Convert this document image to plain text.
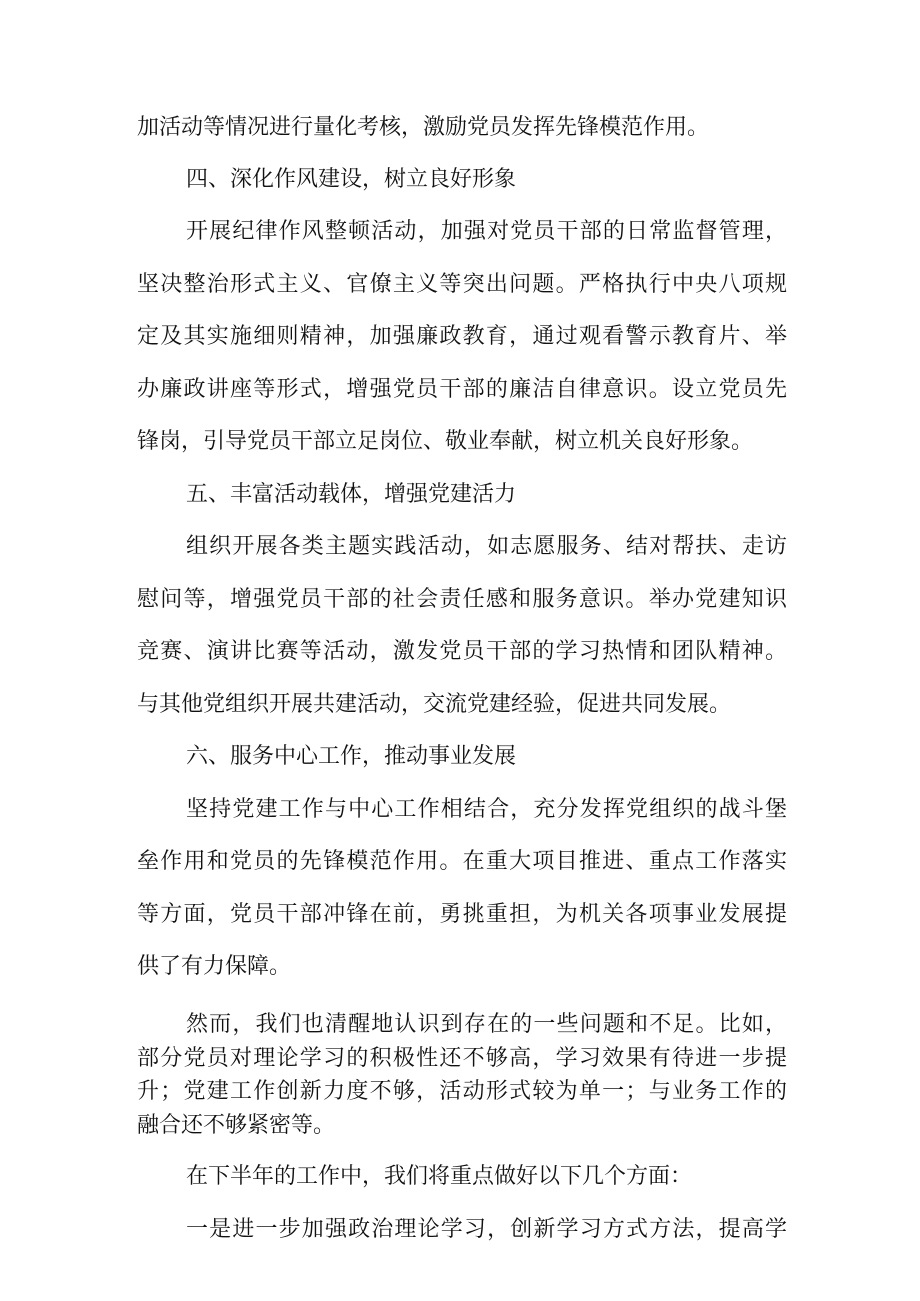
加活动等情况进行量化考核，激励党员发挥先锋模范作用。
四、深化作风建设，树立良好形象
开展纪律作风整顿活动，加强对党员干部的日常监督管理，
坚决整治形式主义、官僚主义等突出问题。严格执行中央八项规
定及其实施细则精神，加强廉政教育，通过观看警示教育片、举
办廉政讲座等形式，增强党员干部的廉洁自律意识。设立党员先
锋岗，引导党员干部立足岗位、敬业奉献，树立机关良好形象。
五、丰富活动载体，增强党建活力
组织开展各类主题实践活动，如志愿服务、结对帮扶、走访
慰问等，增强党员干部的社会责任感和服务意识。举办党建知识
竞赛、演讲比赛等活动，激发党员干部的学习热情和团队精神。
与其他党组织开展共建活动，交流党建经验，促进共同发展。
六、服务中心工作，推动事业发展
坚持党建工作与中心工作相结合，充分发挥党组织的战斗堡
垒作用和党员的先锋模范作用。在重大项目推进、重点工作落实
等方面，党员干部冲锋在前，勇挑重担，为机关各项事业发展提
供了有力保障。
然而，我们也清醒地认识到存在的一些问题和不足。比如，
部分党员对理论学习的积极性还不够高，学习效果有待进一步提
升；党建工作创新力度不够，活动形式较为单一；与业务工作的
融合还不够紧密等。
在下半年的工作中，我们将重点做好以下几个方面：
一是进一步加强政治理论学习，创新学习方式方法，提高学
